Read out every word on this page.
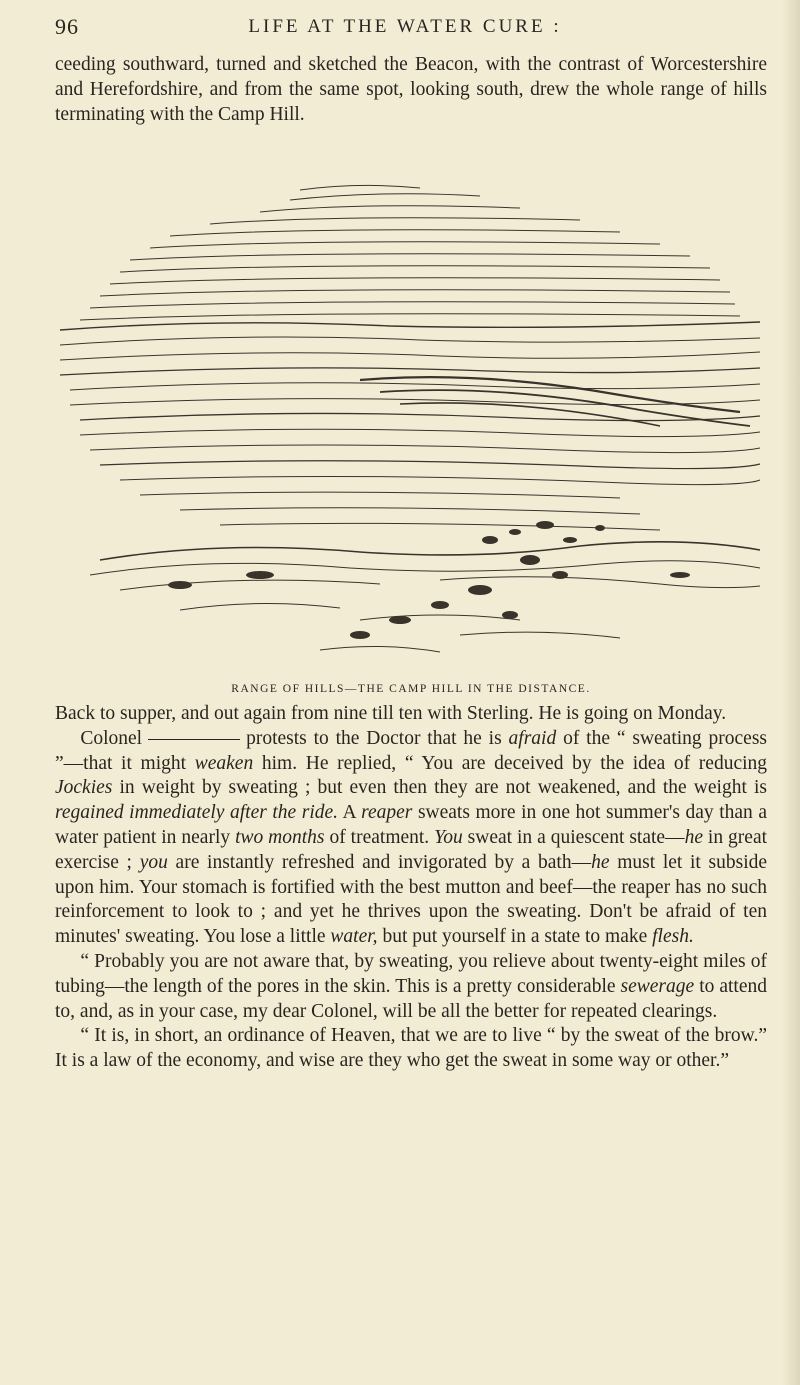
96	LIFE AT THE WATER CURE :
ceeding southward, turned and sketched the Beacon, with the contrast of Worcestershire and Herefordshire, and from the same spot, looking south, drew the whole range of hills terminating with the Camp Hill.
RANGE OF HILLS—THE CAMP HILL IN THE DISTANCE.

Back to supper, and out again from nine till ten with Sterling. He is going on Monday.

Colonel	protests to the Doctor that he is afraid of the “ sweating process ”—that it might weaken him. He replied, “ You are deceived by the idea of reducing Jockies in weight by sweating ; but even then they are not weakened, and the weight is regained immediately after the ride. A reaper sweats more in one hot summer's day than a water patient in nearly two months of treatment. You sweat in a quiescent state—he in great exercise ; you are instantly refreshed and invigorated by a bath—he must let it subside upon him. Your stomach is fortified with the best mutton and beef—the reaper has no such reinforcement to look to ; and yet he thrives upon the sweating. Don't be afraid of ten minutes' sweating. You lose a little water, but put yourself in a state to make flesh.

“ Probably you are not aware that, by sweating, you relieve about twenty-eight miles of tubing—the length of the pores in the skin. This is a pretty considerable sewerage to attend to, and, as in your case, my dear Colonel, will be all the better for repeated clearings.

“ It is, in short, an ordinance of Heaven, that we are to live “ by the sweat of the brow.” It is a law of the economy, and wise are they who get the sweat in some way or other.”
